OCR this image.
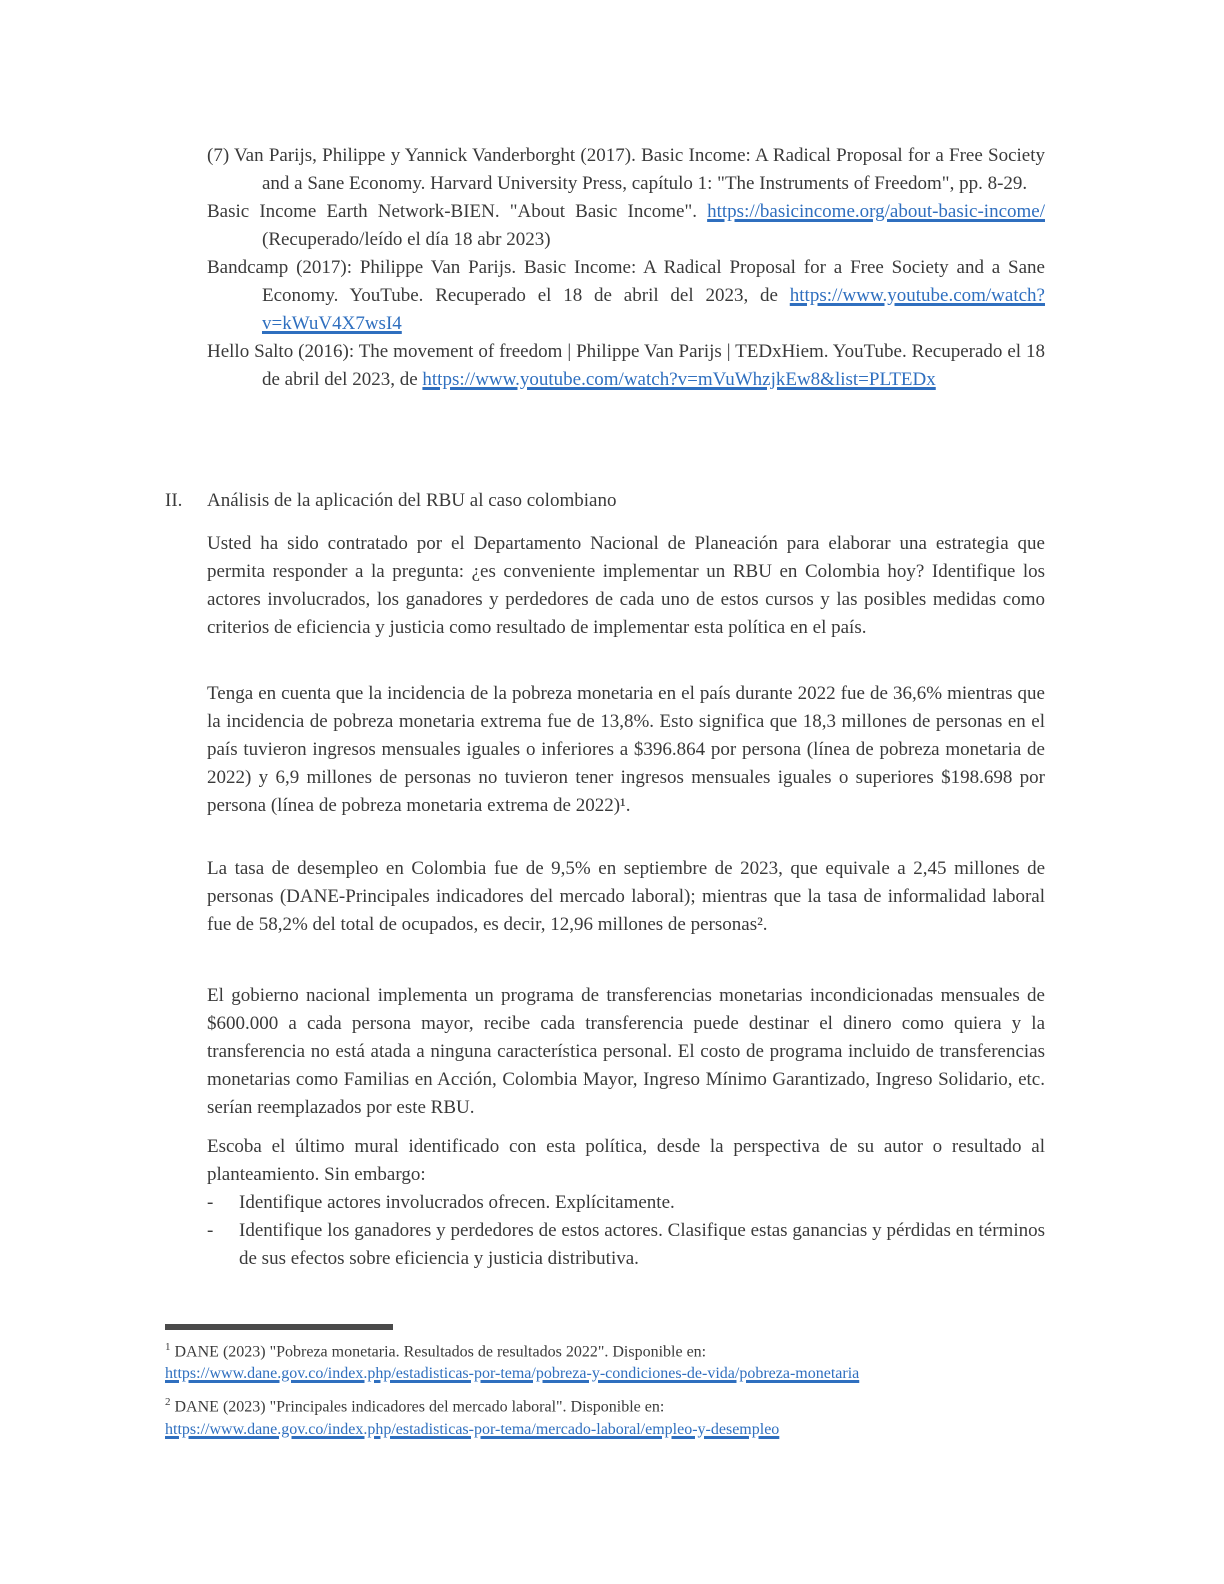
(7) Van Parijs, Philippe y Yannick Vanderborght (2017). Basic Income: A Radical Proposal for a Free Society and a Sane Economy. Harvard University Press, capítulo 1: "The Instruments of Freedom", pp. 8-29.

Basic Income Earth Network-BIEN. "About Basic Income". https://basicincome.org/about-basic-income/ (Recuperado/leído el día 18 abr 2023)

Bandcamp (2017): Philippe Van Parijs. Basic Income: A Radical Proposal for a Free Society and a Sane Economy. YouTube. Recuperado el 18 de abril del 2023, de https://www.youtube.com/watch?v=kWuV4X7wsI4

Hello Salto (2016): The movement of freedom | Philippe Van Parijs | TEDxHiem. YouTube. Recuperado el 18 de abril del 2023, de https://www.youtube.com/watch?v=mVuWhzjkEw8&list=PLTEDx

II.	Análisis de la aplicación del RBU al caso colombiano

Usted ha sido contratado por el Departamento Nacional de Planeación para elaborar una estrategia que permita responder a la pregunta: ¿es conveniente implementar un RBU en Colombia hoy? Identifique los actores involucrados, los ganadores y perdedores de cada uno de estos cursos y las posibles medidas como criterios de eficiencia y justicia como resultado de implementar esta política en el país.

Tenga en cuenta que la incidencia de la pobreza monetaria en el país durante 2022 fue de 36,6% mientras que la incidencia de pobreza monetaria extrema fue de 13,8%. Esto significa que 18,3 millones de personas en el país tuvieron ingresos mensuales iguales o inferiores a $396.864 por persona (línea de pobreza monetaria de 2022) y 6,9 millones de personas no tuvieron tener ingresos mensuales iguales o superiores $198.698 por persona (línea de pobreza monetaria extrema de 2022)¹.

La tasa de desempleo en Colombia fue de 9,5% en septiembre de 2023, que equivale a 2,45 millones de personas (DANE-Principales indicadores del mercado laboral); mientras que la tasa de informalidad laboral fue de 58,2% del total de ocupados, es decir, 12,96 millones de personas².

El gobierno nacional implementa un programa de transferencias monetarias incondicionadas mensuales de $600.000 a cada persona mayor, recibe cada transferencia puede destinar el dinero como quiera y la transferencia no está atada a ninguna característica personal. El costo de programa incluido de transferencias monetarias como Familias en Acción, Colombia Mayor, Ingreso Mínimo Garantizado, Ingreso Solidario, etc. serían reemplazados por este RBU.

Escoba el último mural identificado con esta política, desde la perspectiva de su autor o resultado al planteamiento. Sin embargo:

- Identifique actores involucrados ofrecen. Explícitamente.
- Identifique los ganadores y perdedores de estos actores. Clasifique estas ganancias y pérdidas en términos de sus efectos sobre eficiencia y justicia distributiva.

$^1$ DANE (2023) "Pobreza monetaria. Resultados de resultados 2022". Disponible en:
https://www.dane.gov.co/index.php/estadisticas-por-tema/pobreza-y-condiciones-de-vida/pobreza-monetaria

$^2$ DANE (2023) "Principales indicadores del mercado laboral". Disponible en:
https://www.dane.gov.co/index.php/estadisticas-por-tema/mercado-laboral/empleo-y-desempleo
